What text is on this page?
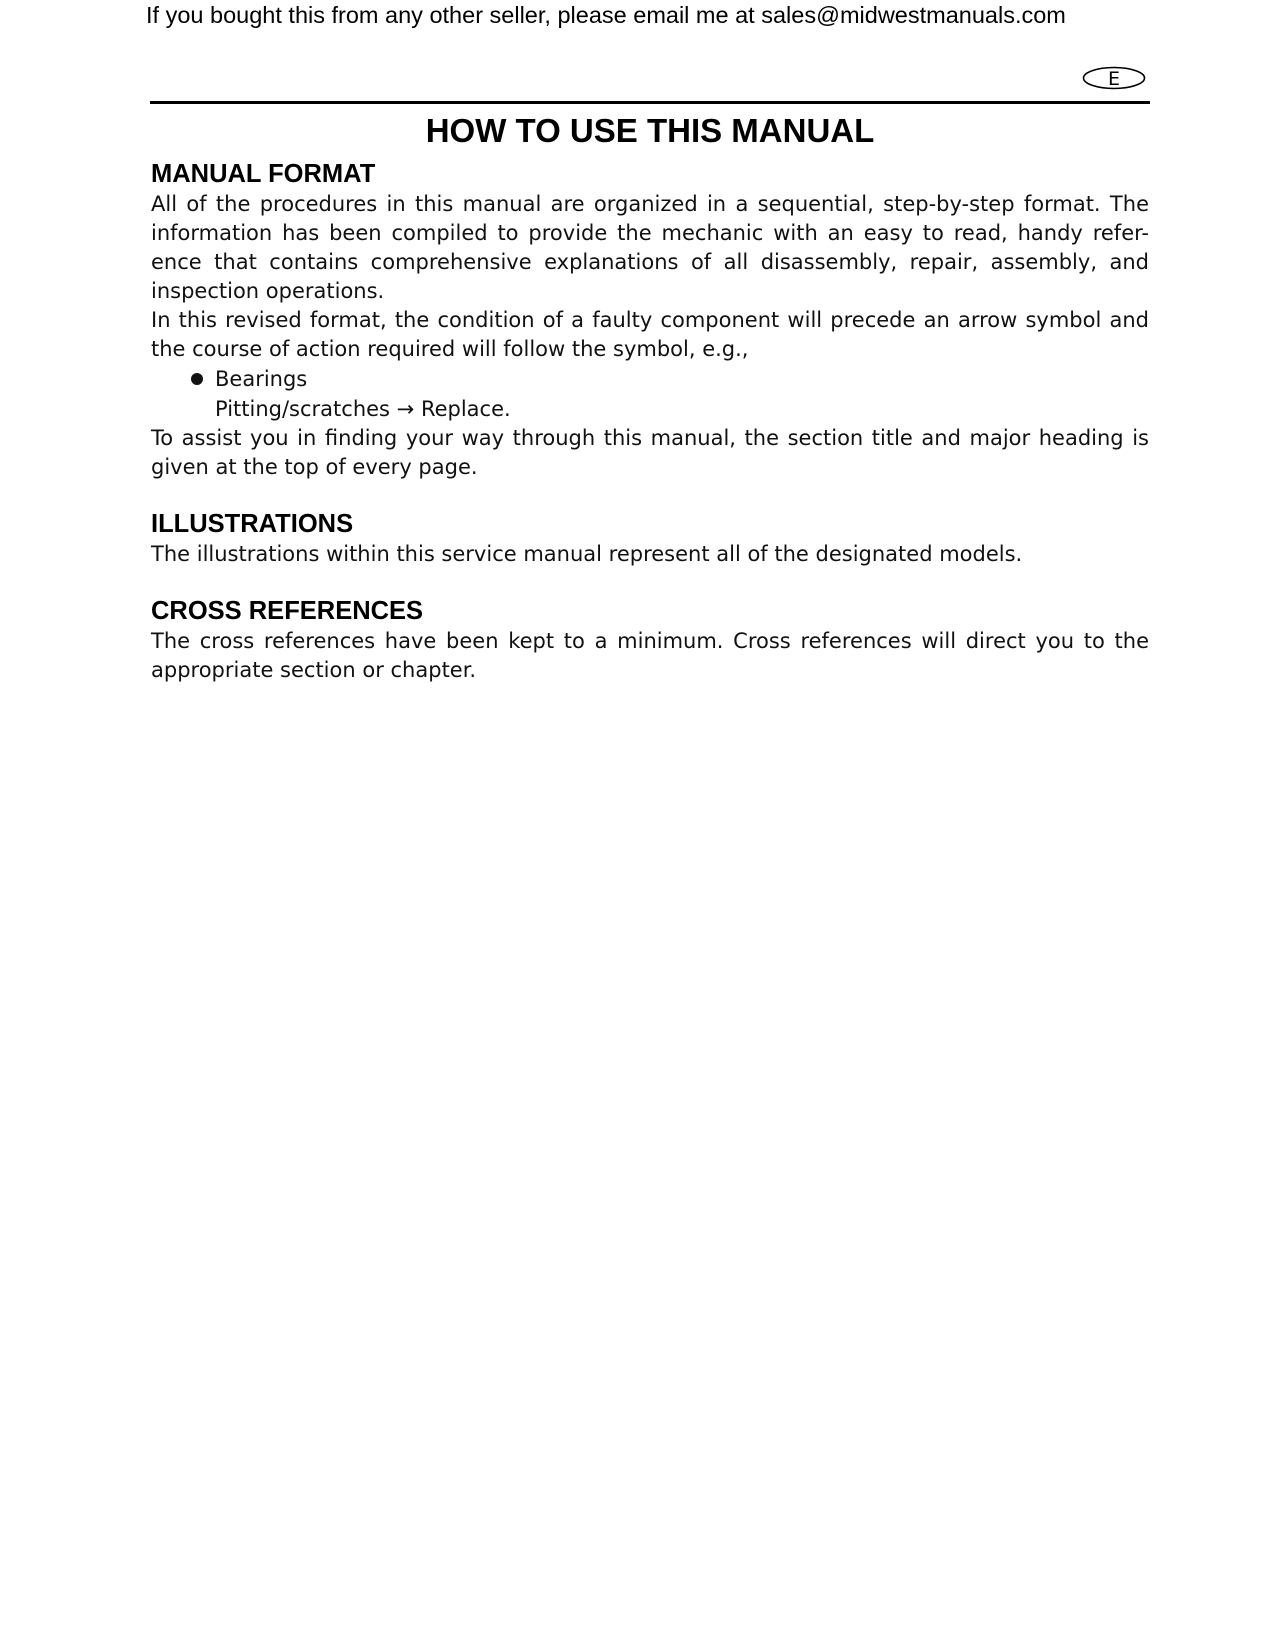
If you bought this from any other seller, please email me at sales@midwestmanuals.com
E
HOW TO USE THIS MANUAL
MANUAL FORMAT

All of the procedures in this manual are organized in a sequential, step-by-step format. The information has been compiled to provide the mechanic with an easy to read, handy refer-ence that contains comprehensive explanations of all disassembly, repair, assembly, and inspection operations.

In this revised format, the condition of a faulty component will precede an arrow symbol and the course of action required will follow the symbol, e.g.,

Bearings
Pitting/scratches → Replace.

To assist you in finding your way through this manual, the section title and major heading is given at the top of every page.

ILLUSTRATIONS

The illustrations within this service manual represent all of the designated models.

CROSS REFERENCES

The cross references have been kept to a minimum. Cross references will direct you to the appropriate section or chapter.
